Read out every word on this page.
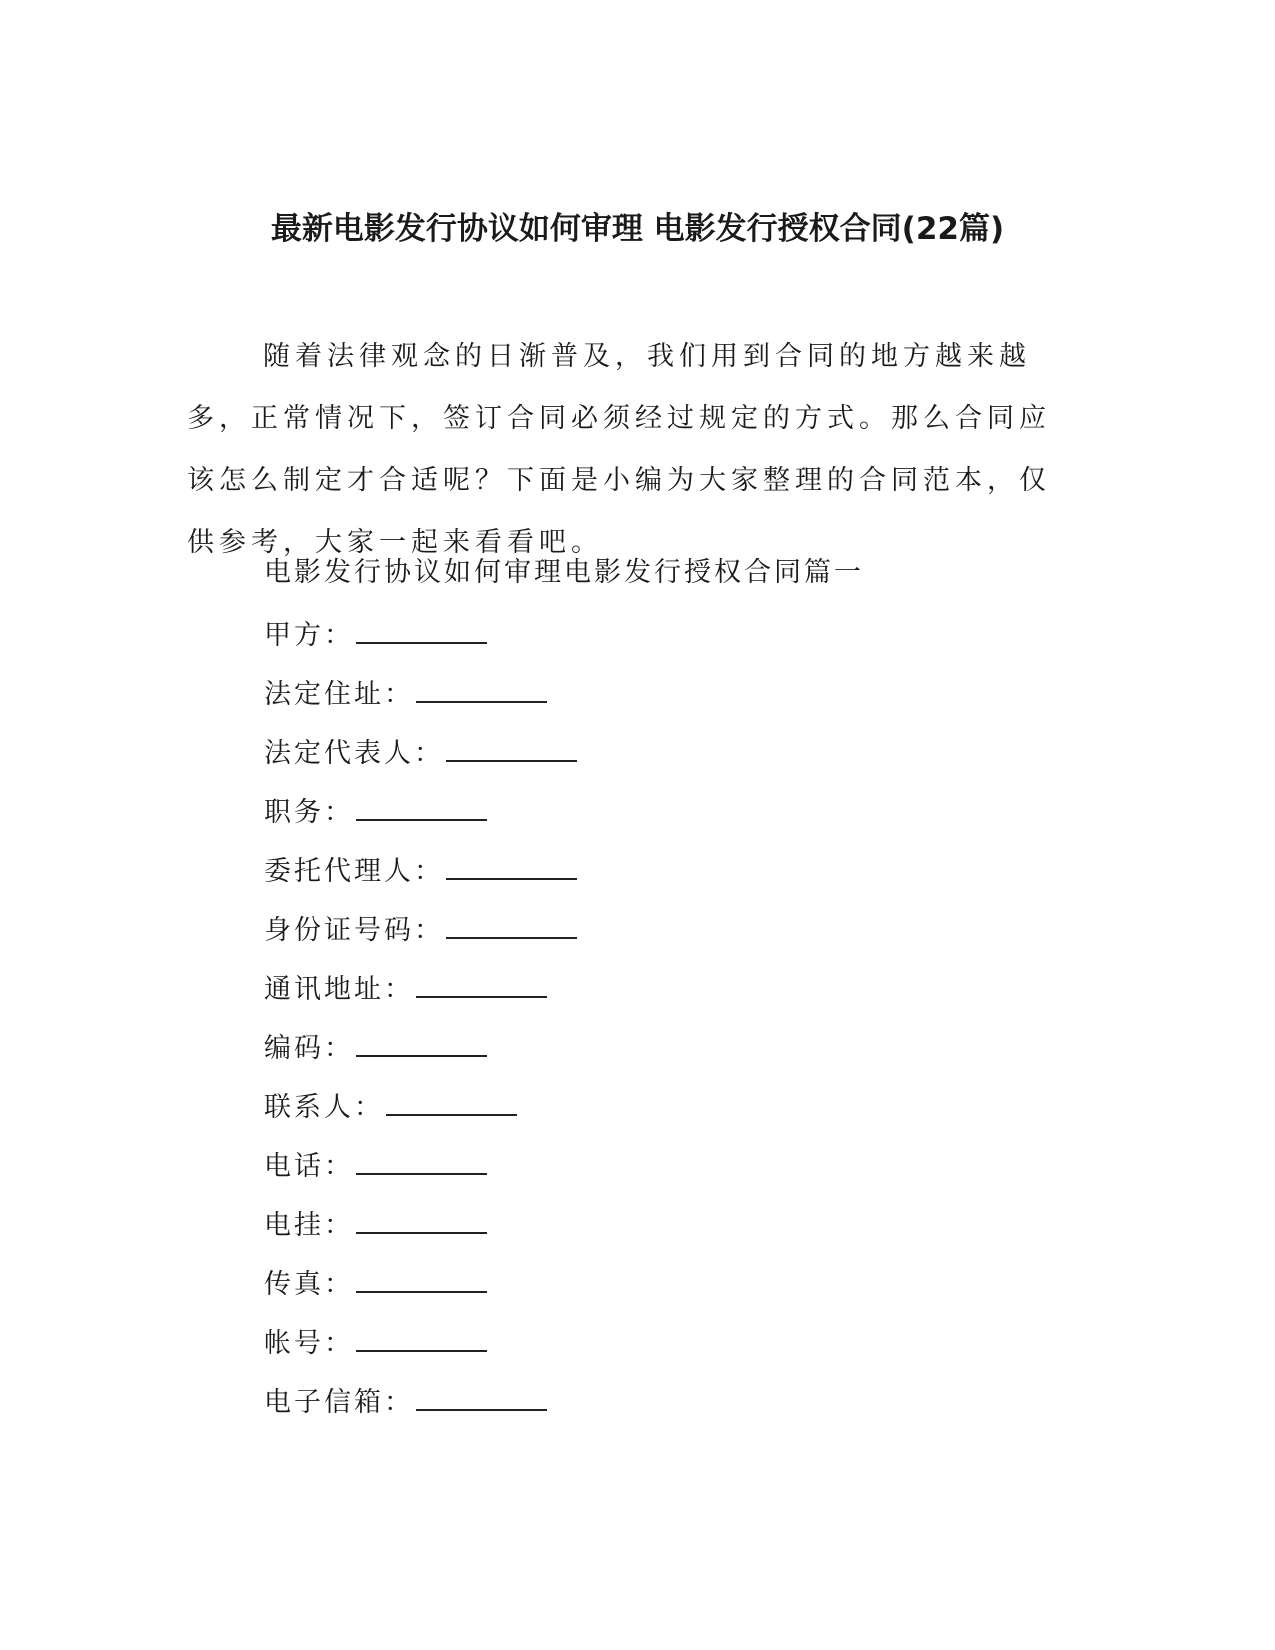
最新电影发行协议如何审理 电影发行授权合同(22篇)

随着法律观念的日渐普及，我们用到合同的地方越来越多，正常情况下，签订合同必须经过规定的方式。那么合同应该怎么制定才合适呢？下面是小编为大家整理的合同范本，仅供参考，大家一起来看看吧。

电影发行协议如何审理电影发行授权合同篇一
甲方：
法定住址：
法定代表人：
职务：
委托代理人：
身份证号码：
通讯地址：
编码：
联系人：
电话：
电挂：
传真：
帐号：
电子信箱：
